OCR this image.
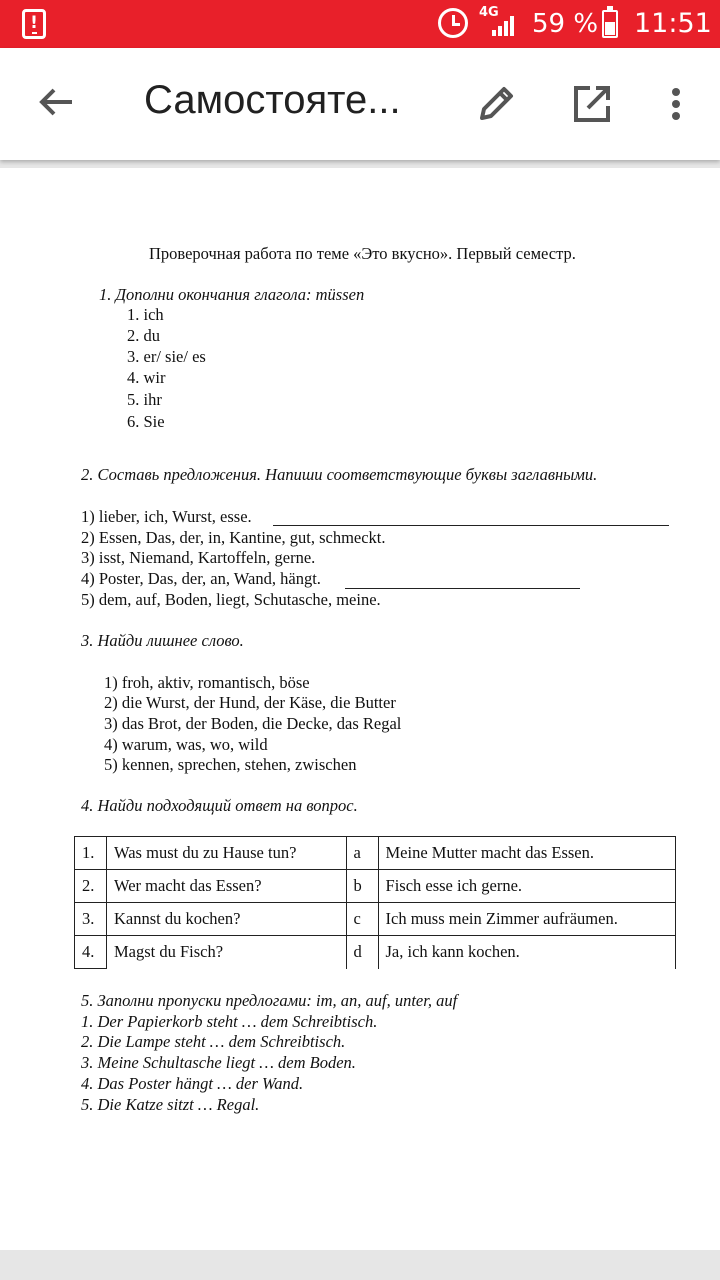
!
4G 59 % 11:51
Самостояте...
Проверочная работа по теме «Это вкусно». Первый семестр.
1. Дополни окончания глагола: müssen
1. ich
2. du
3. er/ sie/ es
4. wir
5. ihr
6. Sie
2. Составь предложения. Напиши соответствующие буквы заглавными.
1) lieber, ich, Wurst, esse.
2) Essen, Das, der, in, Kantine, gut, schmeckt.
3) isst, Niemand, Kartoffeln, gerne.
4) Poster, Das, der, an, Wand, hängt.
5) dem, auf, Boden, liegt, Schutasche, meine.
3. Найди лишнее слово.
1) froh, aktiv, romantisch, böse
2) die Wurst, der Hund, der Käse, die Butter
3) das Brot, der Boden, die Decke, das Regal
4) warum, was, wo, wild
5) kennen, sprechen, stehen, zwischen
4. Найди подходящий ответ на вопрос.
1.	Was must du zu Hause tun?	a	Meine Mutter macht das Essen.
2.	Wer macht das Essen?	b	Fisch esse ich gerne.
3.	Kannst du kochen?	c	Ich muss mein Zimmer aufräumen.
4.	Magst du Fisch?	d	Ja, ich kann kochen.
5. Заполни пропуски предлогами: im, an, auf, unter, auf
1. Der Papierkorb steht … dem Schreibtisch.
2. Die Lampe steht … dem Schreibtisch.
3. Meine Schultasche liegt … dem Boden.
4. Das Poster hängt … der Wand.
5. Die Katze sitzt … Regal.
